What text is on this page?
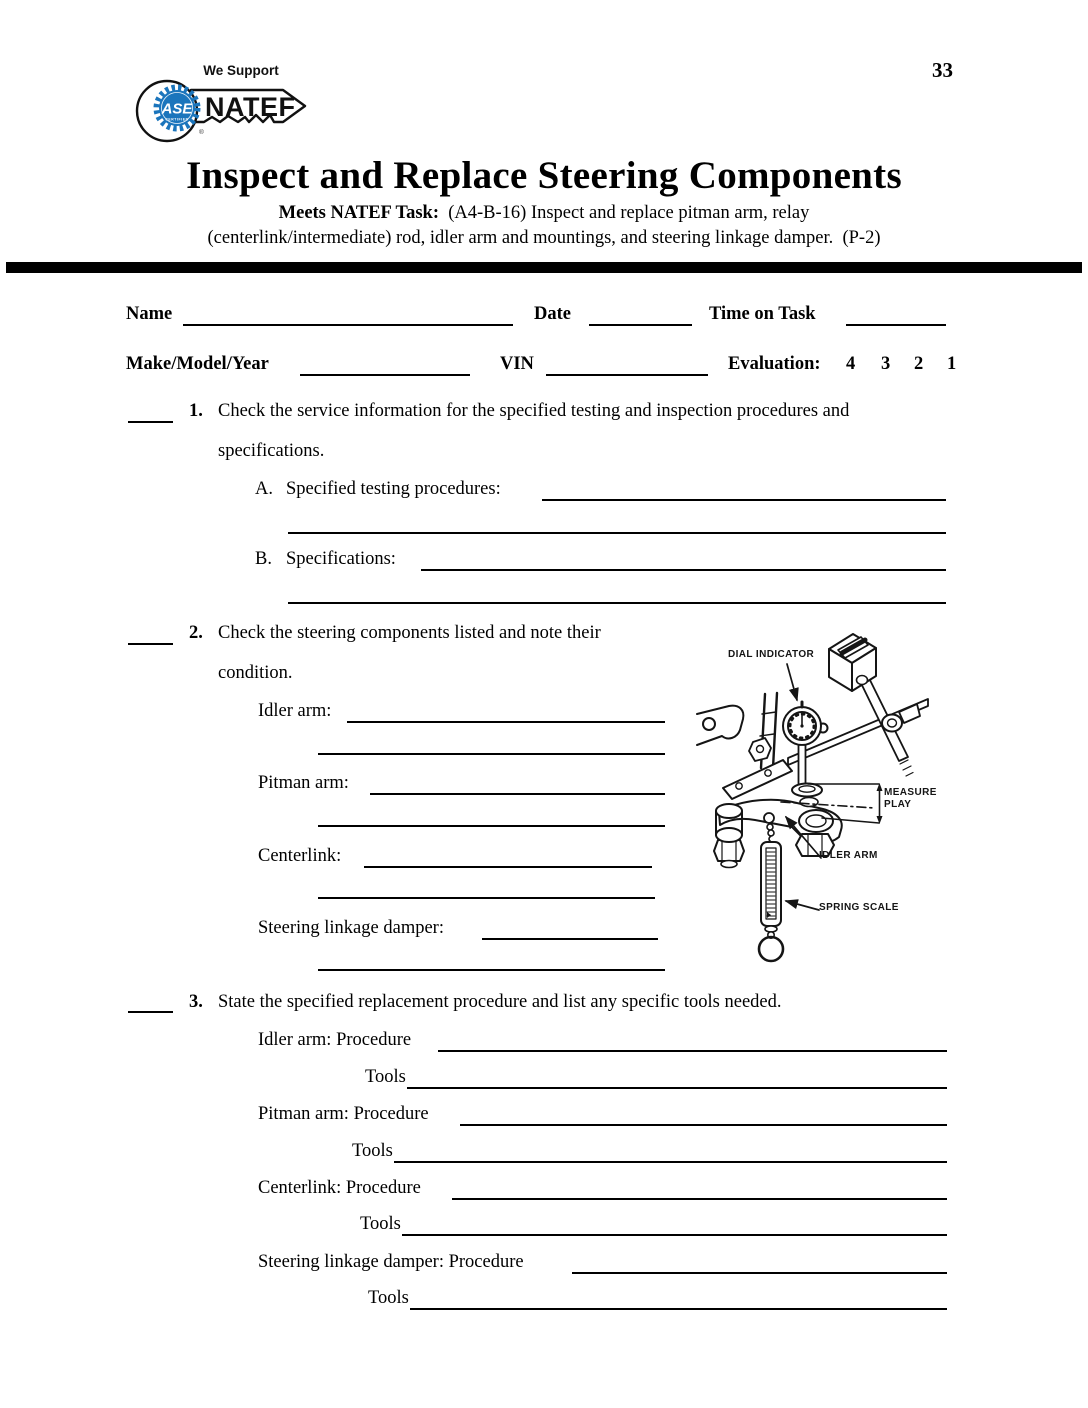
ASE
CERTIFIED NATEF
We Support
®
33
Inspect and Replace Steering Components
Meets NATEF Task:  (A4-B-16) Inspect and replace pitman arm, relay
(centerlink/intermediate) rod, idler arm and mountings, and steering linkage damper.  (P-2)
Name	Date	Time on Task
Make/Model/Year	VIN	Evaluation: 4 3 2 1
1. Check the service information for the specified testing and inspection procedures and
specifications.
A. Specified testing procedures:
B. Specifications:
2. Check the steering components listed and note their
condition.
Idler arm:
Pitman arm:
Centerlink:
Steering linkage damper:
DIAL INDICATOR
MEASURE
PLAY
IDLER ARM
SPRING SCALE
3. State the specified replacement procedure and list any specific tools needed.
Idler arm: Procedure
Tools
Pitman arm: Procedure
Tools
Centerlink: Procedure
Tools
Steering linkage damper: Procedure
Tools
